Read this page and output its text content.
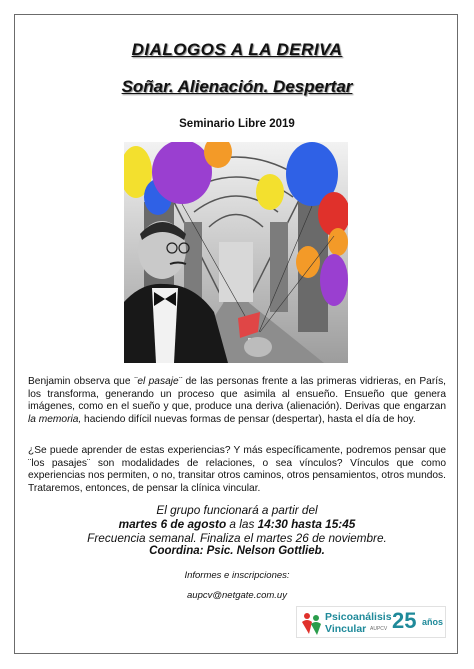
DIALOGOS A LA DERIVA
Soñar. Alienación. Despertar
Seminario Libre 2019
Benjamin observa que ¨el pasaje¨ de las personas frente a las primeras vidrieras, en París, los transforma, generando un proceso que asimila al ensueño. Ensueño que genera imágenes, como en el sueño y que, produce una deriva (alienación). Derivas que engarzan la memoria, haciendo difícil nuevas formas de pensar (despertar), hasta el día de hoy.
¿Se puede aprender de estas experiencias? Y más específicamente, podremos pensar que ¨los pasajes¨ son modalidades de relaciones, o sea vínculos? Vínculos que como experiencias nos permiten, o no, transitar otros caminos, otros pensamientos, otros mundos. Trataremos, entonces, de pensar la clínica vincular.
El grupo funcionará a partir del
martes 6 de agosto a las 14:30 hasta 15:45
Frecuencia semanal. Finaliza el martes 26 de noviembre.
Coordina: Psic. Nelson Gottlieb.
Informes e inscripciones:
aupcv@netgate.com.uy
Psicoanálisis
Vincular AUPCV 25 años
